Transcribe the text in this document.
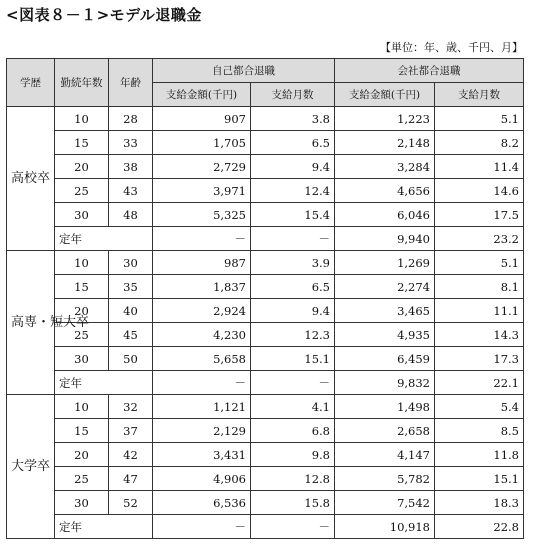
<図表８－１>モデル退職金
【単位：年、歳、千円、月】
学歴	勤続年数	年齢	自己都合退職		会社都合退職	
			支給金額(千円)	支給月数	支給金額(千円)	支給月数
高校卒	10	28	907	3.8	1,223	5.1
	15	33	1,705	6.5	2,148	8.2
	20	38	2,729	9.4	3,284	11.4
	25	43	3,971	12.4	4,656	14.6
	30	48	5,325	15.4	6,046	17.5
	定年		－	－	9,940	23.2
高専・短大卒	10	30	987	3.9	1,269	5.1
	15	35	1,837	6.5	2,274	8.1
	20	40	2,924	9.4	3,465	11.1
	25	45	4,230	12.3	4,935	14.3
	30	50	5,658	15.1	6,459	17.3
	定年		－	－	9,832	22.1
大学卒	10	32	1,121	4.1	1,498	5.4
	15	37	2,129	6.8	2,658	8.5
	20	42	3,431	9.8	4,147	11.8
	25	47	4,906	12.8	5,782	15.1
	30	52	6,536	15.8	7,542	18.3
	定年		－	－	10,918	22.8
